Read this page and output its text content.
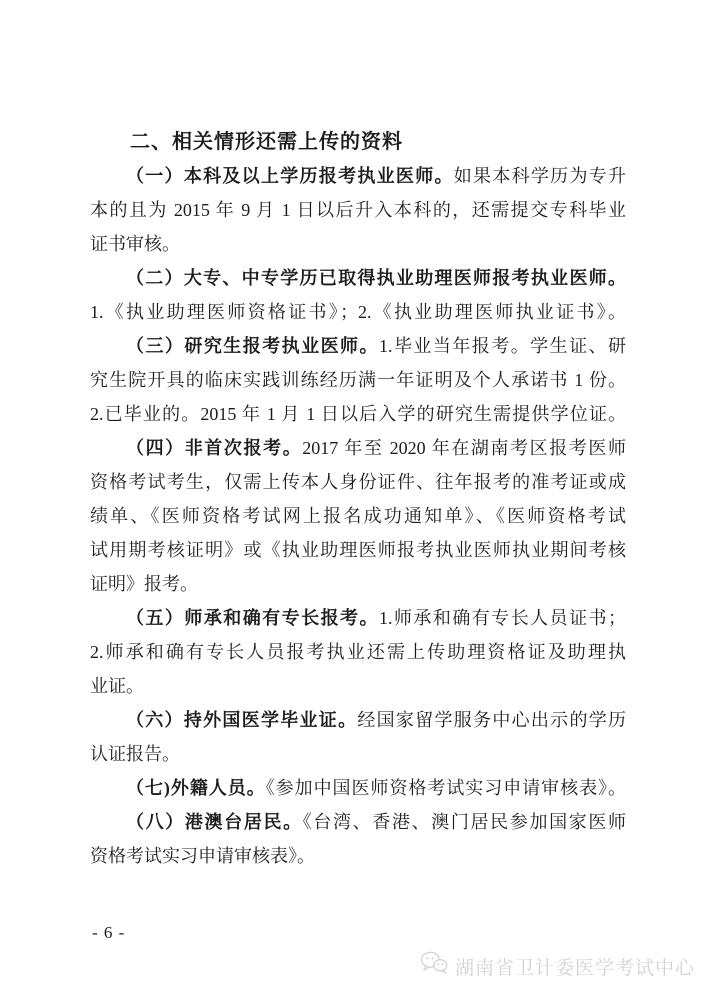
二、相关情形还需上传的资料

（一）本科及以上学历报考执业医师。如果本科学历为专升
本的且为 2015 年 9 月 1 日以后升入本科的，还需提交专科毕业
证书审核。

（二）大专、中专学历已取得执业助理医师报考执业医师。
1.《执业助理医师资格证书》；2.《执业助理医师执业证书》。

（三）研究生报考执业医师。1.毕业当年报考。学生证、研
究生院开具的临床实践训练经历满一年证明及个人承诺书 1 份。
2.已毕业的。2015 年 1 月 1 日以后入学的研究生需提供学位证。

（四）非首次报考。2017 年至 2020 年在湖南考区报考医师
资格考试考生，仅需上传本人身份证件、往年报考的准考证或成
绩单、《医师资格考试网上报名成功通知单》、《医师资格考试
试用期考核证明》或《执业助理医师报考执业医师执业期间考核
证明》报考。

（五）师承和确有专长报考。1.师承和确有专长人员证书；
2.师承和确有专长人员报考执业还需上传助理资格证及助理执
业证。

（六）持外国医学毕业证。经国家留学服务中心出示的学历
认证报告。

（七)外籍人员。《参加中国医师资格考试实习申请审核表》。

（八）港澳台居民。《台湾、香港、澳门居民参加国家医师
资格考试实习申请审核表》。

- 6 -
湖南省卫计委医学考试中心
